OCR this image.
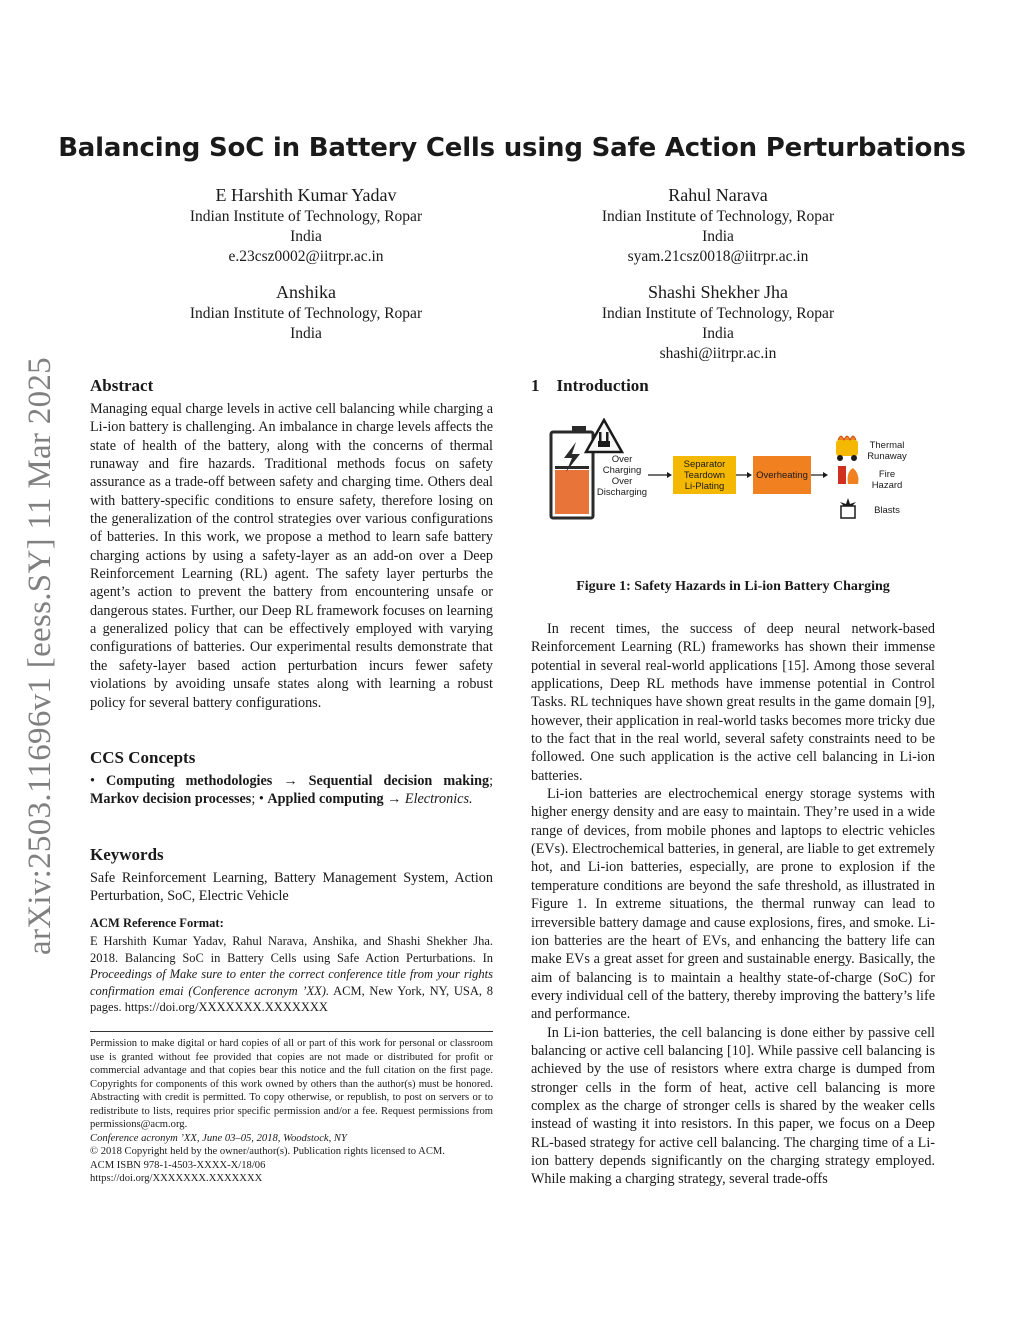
arXiv:2503.11696v1 [eess.SY] 11 Mar 2025
Balancing SoC in Battery Cells using Safe Action Perturbations
E Harshith Kumar Yadav
Indian Institute of Technology, Ropar
India
e.23csz0002@iitrpr.ac.in
Rahul Narava
Indian Institute of Technology, Ropar
India
syam.21csz0018@iitrpr.ac.in
Anshika
Indian Institute of Technology, Ropar
India
Shashi Shekher Jha
Indian Institute of Technology, Ropar
India
shashi@iitrpr.ac.in
Abstract
Managing equal charge levels in active cell balancing while charging a Li-ion battery is challenging. An imbalance in charge levels affects the state of health of the battery, along with the concerns of thermal runaway and fire hazards. Traditional methods focus on safety assurance as a trade-off between safety and charging time. Others deal with battery-specific conditions to ensure safety, therefore losing on the generalization of the control strategies over various configurations of batteries. In this work, we propose a method to learn safe battery charging actions by using a safety-layer as an add-on over a Deep Reinforcement Learning (RL) agent. The safety layer perturbs the agent’s action to prevent the battery from encountering unsafe or dangerous states. Further, our Deep RL framework focuses on learning a generalized policy that can be effectively employed with varying configurations of batteries. Our experimental results demonstrate that the safety-layer based action perturbation incurs fewer safety violations by avoiding unsafe states along with learning a robust policy for several battery configurations.
CCS Concepts
• Computing methodologies → Sequential decision making; Markov decision processes; • Applied computing → Electronics.
Keywords
Safe Reinforcement Learning, Battery Management System, Action Perturbation, SoC, Electric Vehicle
ACM Reference Format:
E Harshith Kumar Yadav, Rahul Narava, Anshika, and Shashi Shekher Jha. 2018. Balancing SoC in Battery Cells using Safe Action Perturbations. In Proceedings of Make sure to enter the correct conference title from your rights confirmation emai (Conference acronym ’XX). ACM, New York, NY, USA, 8 pages. https://doi.org/XXXXXXX.XXXXXXX
Permission to make digital or hard copies of all or part of this work for personal or classroom use is granted without fee provided that copies are not made or distributed for profit or commercial advantage and that copies bear this notice and the full citation on the first page. Copyrights for components of this work owned by others than the author(s) must be honored. Abstracting with credit is permitted. To copy otherwise, or republish, to post on servers or to redistribute to lists, requires prior specific permission and/or a fee. Request permissions from permissions@acm.org.
Conference acronym ’XX, June 03–05, 2018, Woodstock, NY
© 2018 Copyright held by the owner/author(s). Publication rights licensed to ACM.
ACM ISBN 978-1-4503-XXXX-X/18/06
https://doi.org/XXXXXXX.XXXXXXX
1 Introduction
Over
Charging
Over
Discharging
Separator
Teardown
Li-Plating
Overheating
Thermal
Runaway
Fire
Hazard
Blasts
Figure 1: Safety Hazards in Li-ion Battery Charging

In recent times, the success of deep neural network-based Reinforcement Learning (RL) frameworks has shown their immense potential in several real-world applications [15]. Among those several applications, Deep RL methods have immense potential in Control Tasks. RL techniques have shown great results in the game domain [9], however, their application in real-world tasks becomes more tricky due to the fact that in the real world, several safety constraints need to be followed. One such application is the active cell balancing in Li-ion batteries.

Li-ion batteries are electrochemical energy storage systems with higher energy density and are easy to maintain. They’re used in a wide range of devices, from mobile phones and laptops to electric vehicles (EVs). Electrochemical batteries, in general, are liable to get extremely hot, and Li-ion batteries, especially, are prone to explosion if the temperature conditions are beyond the safe threshold, as illustrated in Figure 1. In extreme situations, the thermal runway can lead to irreversible battery damage and cause explosions, fires, and smoke. Li-ion batteries are the heart of EVs, and enhancing the battery life can make EVs a great asset for green and sustainable energy. Basically, the aim of balancing is to maintain a healthy state-of-charge (SoC) for every individual cell of the battery, thereby improving the battery’s life and performance.

In Li-ion batteries, the cell balancing is done either by passive cell balancing or active cell balancing [10]. While passive cell balancing is achieved by the use of resistors where extra charge is dumped from stronger cells in the form of heat, active cell balancing is more complex as the charge of stronger cells is shared by the weaker cells instead of wasting it into resistors. In this paper, we focus on a Deep RL-based strategy for active cell balancing. The charging time of a Li-ion battery depends significantly on the charging strategy employed. While making a charging strategy, several trade-offs
